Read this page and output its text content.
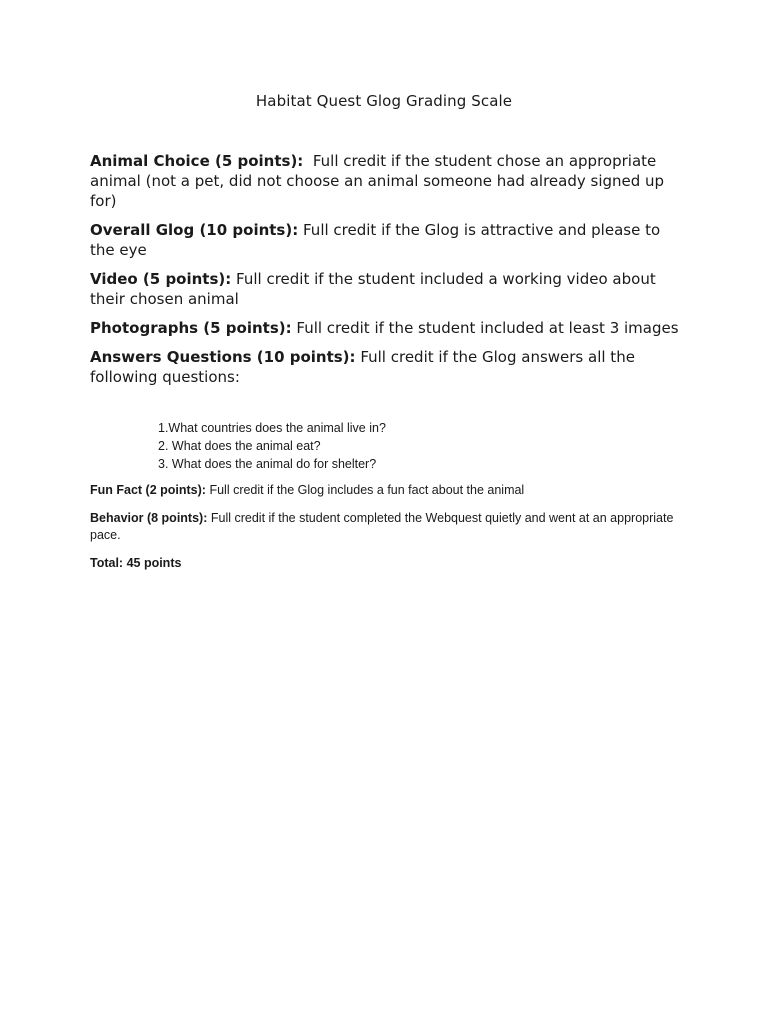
Habitat Quest Glog Grading Scale

Animal Choice (5 points): Full credit if the student chose an appropriate animal (not a pet, did not choose an animal someone had already signed up for)

Overall Glog (10 points): Full credit if the Glog is attractive and please to the eye

Video (5 points): Full credit if the student included a working video about their chosen animal

Photographs (5 points): Full credit if the student included at least 3 images

Answers Questions (10 points): Full credit if the Glog answers all the following questions:

1.What countries does the animal live in?
2. What does the animal eat?
3. What does the animal do for shelter?

Fun Fact (2 points): Full credit if the Glog includes a fun fact about the animal

Behavior (8 points): Full credit if the student completed the Webquest quietly and went at an appropriate pace.

Total: 45 points
